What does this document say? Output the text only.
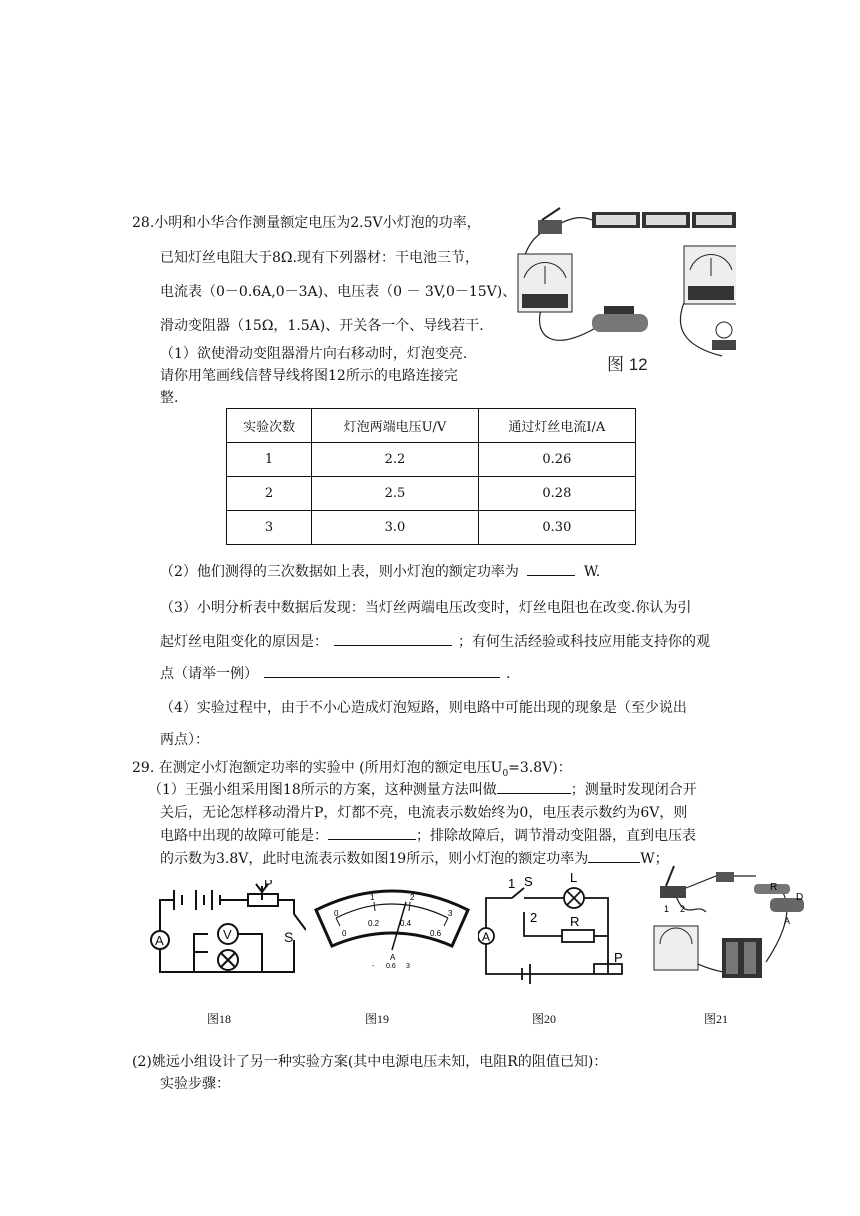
28.小明和小华合作测量额定电压为2.5V小灯泡的功率，
已知灯丝电阻大于8Ω.现有下列器材：干电池三节，
电流表（0－0.6A,0－3A)、电压表（0 － 3V,0－15V)、
滑动变阻器（15Ω，1.5A)、开关各一个、导线若干.
（1）欲使滑动变阻器滑片向右移动时，灯泡变亮.
请你用笔画线信替导线将图12所示的电路连接完
整.
图 12
实验次数	灯泡两端电压U/V	通过灯丝电流I/A
1	2.2	0.26
2	2.5	0.28
3	3.0	0.30
（2）他们测得的三次数据如上表，则小灯泡的额定功率为	W.
（3）小明分析表中数据后发现：当灯丝两端电压改变时，灯丝电阻也在改变.你认为引
起灯丝电阻变化的原因是：	；有何生活经验或科技应用能支持你的观
点（请举一例）	.
（4）实验过程中，由于不小心造成灯泡短路，则电路中可能出现的现象是（至少说出
两点）：
29. 在测定小灯泡额定功率的实验中 (所用灯泡的额定电压$U_0=3.8V$)：
（1）王强小组采用图18所示的方案，这种测量方法叫做	；测量时发现闭合开
关后，无论怎样移动滑片P，灯都不亮，电流表示数始终为0，电压表示数约为6V，则
电路中出现的故障可能是：	；排除故障后，调节滑动变阻器，直到电压表
的示数为3.8V，此时电流表示数如图19所示，则小灯泡的额定功率为	W；
A	V
P
S
0
1	2
3
0
0.2	0.4
0.6
A
- 0.6 3
1 S
2
L
R
A
P
R
D
A
1 2
图18	图19	图20	图21
(2)姚远小组设计了另一种实验方案(其中电源电压未知，电阻R的阻值已知)：
实验步骤：
